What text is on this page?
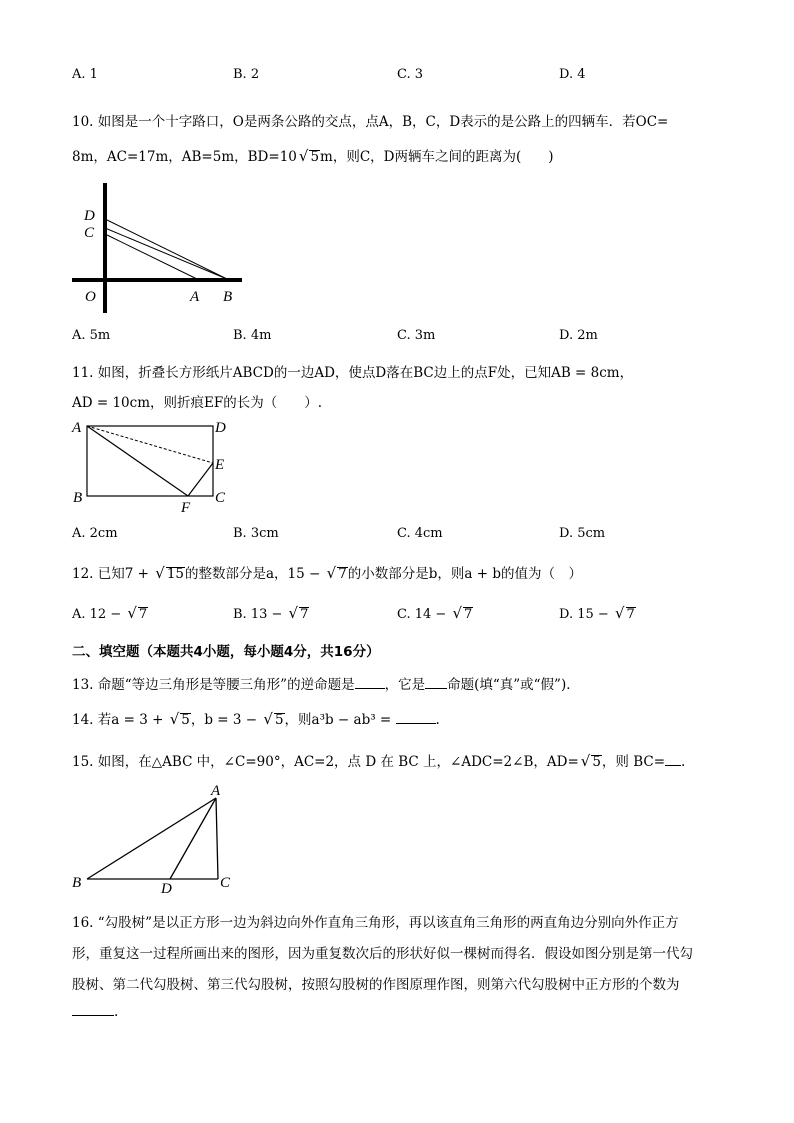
A. 1	B. 2	C. 3	D. 4
10. 如图是一个十字路口，O是两条公路的交点，点A，B，C，D表示的是公路上的四辆车．若OC=
8m，AC=17m，AB=5m，BD=10 √ 5m，则C，D两辆车之间的距离为(　　)
D
C
O	A B
A. 5m	B. 4m	C. 3m	D. 2m
11. 如图，折叠长方形纸片ABCD的一边AD，使点D落在BC边上的点F处，已知AB = 8cm，
AD = 10cm，则折痕EF的长为（　　）.
A	D
E
B
F
C
A. 2cm	B. 3cm	C. 4cm	D. 5cm
12. 已知7 + √ 15的整数部分是a，15 − √ 7的小数部分是b，则a + b的值为（　）
A. 12 − √ 7	B. 13 − √ 7	C. 14 − √ 7	D. 15 − √ 7
二、填空题（本题共4小题，每小题4分，共16分）
13. 命题“等边三角形是等腰三角形”的逆命题是 ，它是 命题(填“真”或“假”)．
14. 若a = 3 + √ 5，b = 3 − √ 5，则a³b − ab³ =	.
15. 如图，在△ABC 中，∠C=90°，AC=2，点 D 在 BC 上，∠ADC=2∠B，AD= √ 5，则 BC= .
A
B	D	C
16. “勾股树”是以正方形一边为斜边向外作直角三角形，再以该直角三角形的两直角边分别向外作正方
形，重复这一过程所画出来的图形，因为重复数次后的形状好似一棵树而得名．假设如图分别是第一代勾
股树、第二代勾股树、第三代勾股树，按照勾股树的作图原理作图，则第六代勾股树中正方形的个数为
.
